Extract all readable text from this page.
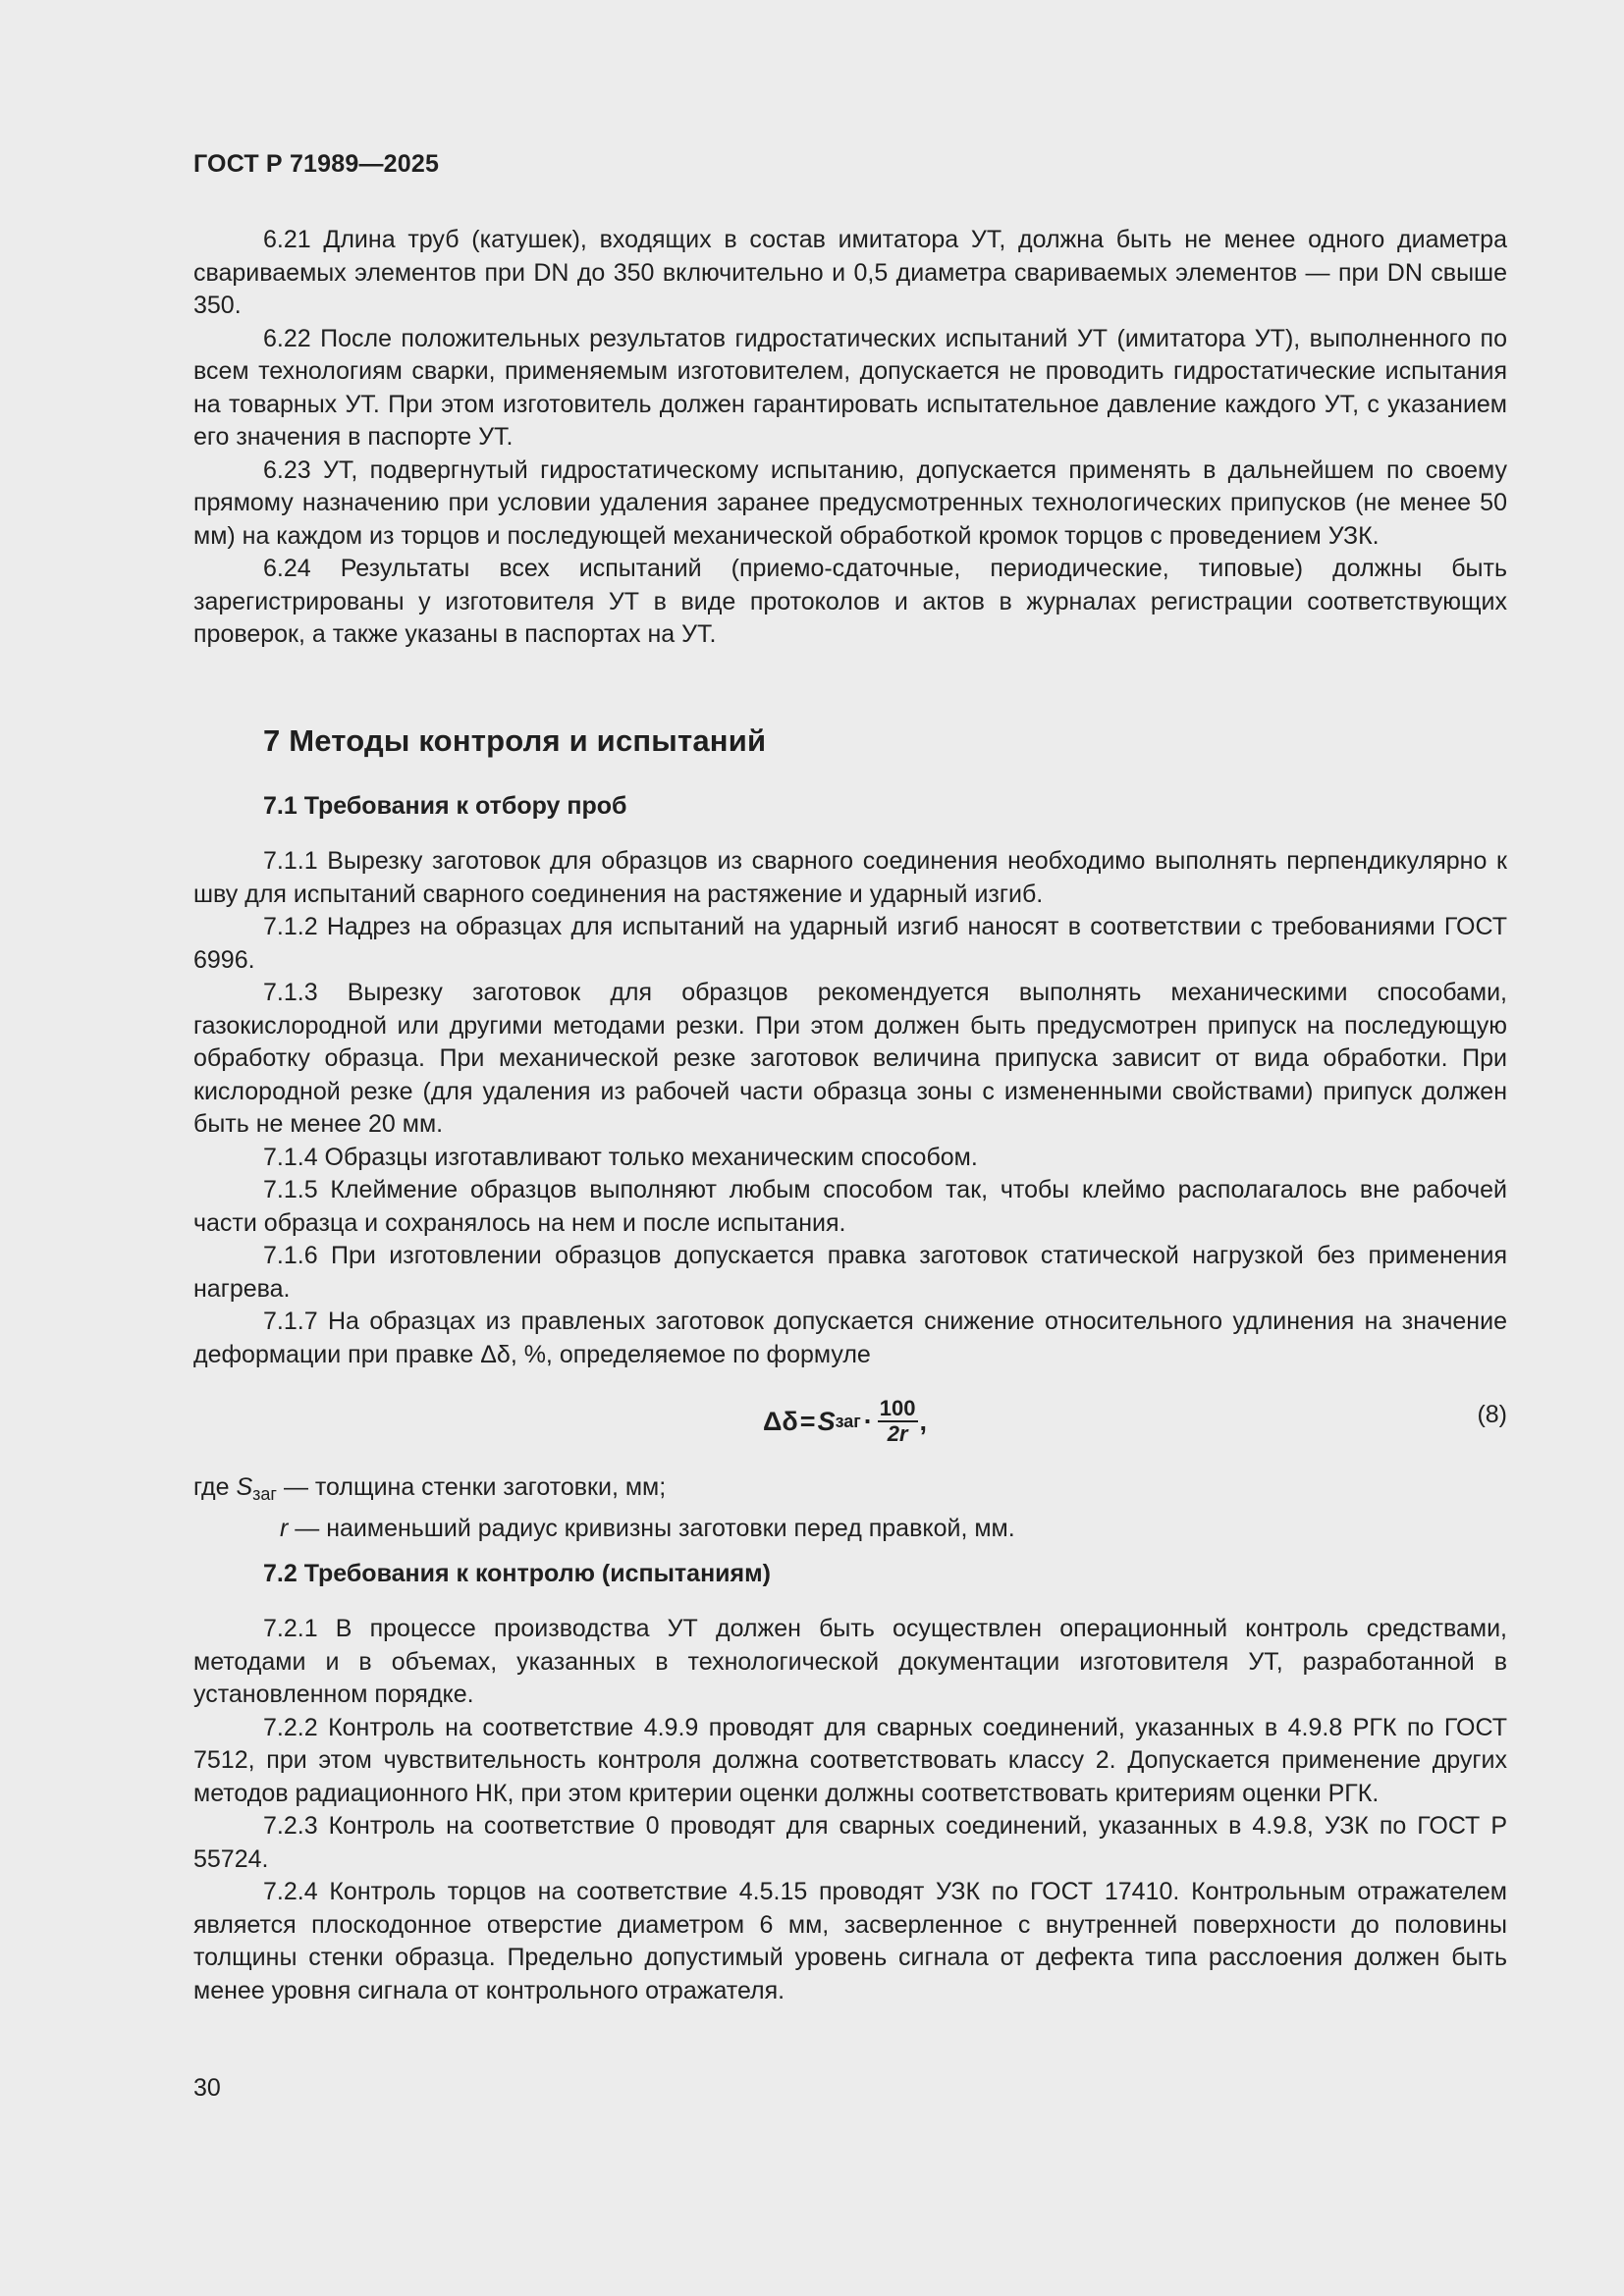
ГОСТ Р 71989—2025

6.21 Длина труб (катушек), входящих в состав имитатора УТ, должна быть не менее одного диаметра свариваемых элементов при DN до 350 включительно и 0,5 диаметра свариваемых элементов — при DN свыше 350.

6.22 После положительных результатов гидростатических испытаний УТ (имитатора УТ), выполненного по всем технологиям сварки, применяемым изготовителем, допускается не проводить гидростатические испытания на товарных УТ. При этом изготовитель должен гарантировать испытательное давление каждого УТ, с указанием его значения в паспорте УТ.

6.23 УТ, подвергнутый гидростатическому испытанию, допускается применять в дальнейшем по своему прямому назначению при условии удаления заранее предусмотренных технологических припусков (не менее 50 мм) на каждом из торцов и последующей механической обработкой кромок торцов с проведением УЗК.

6.24 Результаты всех испытаний (приемо-сдаточные, периодические, типовые) должны быть зарегистрированы у изготовителя УТ в виде протоколов и актов в журналах регистрации соответствующих проверок, а также указаны в паспортах на УТ.

7 Методы контроля и испытаний
7.1 Требования к отбору проб

7.1.1 Вырезку заготовок для образцов из сварного соединения необходимо выполнять перпендикулярно к шву для испытаний сварного соединения на растяжение и ударный изгиб.

7.1.2 Надрез на образцах для испытаний на ударный изгиб наносят в соответствии с требованиями ГОСТ 6996.

7.1.3 Вырезку заготовок для образцов рекомендуется выполнять механическими способами, газокислородной или другими методами резки. При этом должен быть предусмотрен припуск на последующую обработку образца. При механической резке заготовок величина припуска зависит от вида обработки. При кислородной резке (для удаления из рабочей части образца зоны с измененными свойствами) припуск должен быть не менее 20 мм.

7.1.4 Образцы изготавливают только механическим способом.

7.1.5 Клеймение образцов выполняют любым способом так, чтобы клеймо располагалось вне рабочей части образца и сохранялось на нем и после испытания.

7.1.6 При изготовлении образцов допускается правка заготовок статической нагрузкой без применения нагрева.

7.1.7 На образцах из правленых заготовок допускается снижение относительного удлинения на значение деформации при правке Δδ, %, определяемое по формуле

Δδ = S заг · $\frac{100}{2r}$ ,	(8)
где $S_{заг}$ — толщина стенки заготовки, мм;
r — наименьший радиус кривизны заготовки перед правкой, мм.
7.2 Требования к контролю (испытаниям)

7.2.1 В процессе производства УТ должен быть осуществлен операционный контроль средствами, методами и в объемах, указанных в технологической документации изготовителя УТ, разработанной в установленном порядке.

7.2.2 Контроль на соответствие 4.9.9 проводят для сварных соединений, указанных в 4.9.8 РГК по ГОСТ 7512, при этом чувствительность контроля должна соответствовать классу 2. Допускается применение других методов радиационного НК, при этом критерии оценки должны соответствовать критериям оценки РГК.

7.2.3 Контроль на соответствие 0 проводят для сварных соединений, указанных в 4.9.8, УЗК по ГОСТ Р 55724.

7.2.4 Контроль торцов на соответствие 4.5.15 проводят УЗК по ГОСТ 17410. Контрольным отражателем является плоскодонное отверстие диаметром 6 мм, засверленное с внутренней поверхности до половины толщины стенки образца. Предельно допустимый уровень сигнала от дефекта типа расслоения должен быть менее уровня сигнала от контрольного отражателя.

30
